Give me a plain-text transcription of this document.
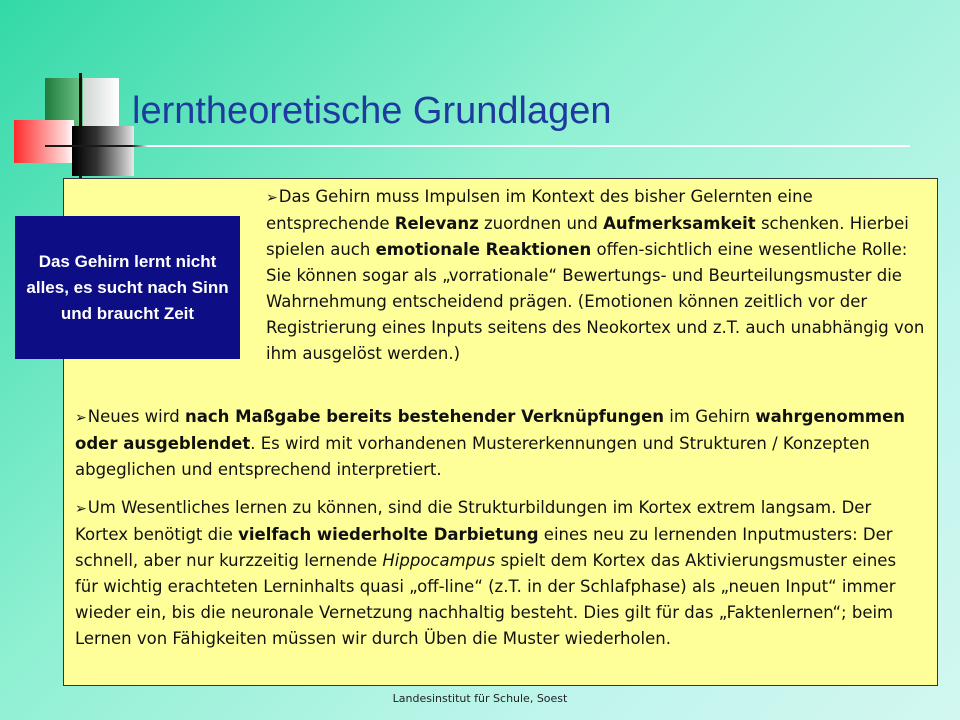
lerntheoretische Grundlagen
Das Gehirn lernt nicht alles, es sucht nach Sinn und braucht Zeit

➢Das Gehirn muss Impulsen im Kontext des bisher Gelernten eine entsprechende Relevanz zuordnen und Aufmerksamkeit schenken. Hierbei spielen auch emotionale Reaktionen offen-sichtlich eine wesentliche Rolle: Sie können sogar als „vorrationale“ Bewertungs- und Beurteilungsmuster die Wahrnehmung entscheidend prägen. (Emotionen können zeitlich vor der Registrierung eines Inputs seitens des Neokortex und z.T. auch unabhängig von ihm ausgelöst werden.)

➢Neues wird nach Maßgabe bereits bestehender Verknüpfungen im Gehirn wahrgenommen oder ausgeblendet. Es wird mit vorhandenen Mustererkennungen und Strukturen / Konzepten abgeglichen und entsprechend interpretiert.

➢Um Wesentliches lernen zu können, sind die Strukturbildungen im Kortex extrem langsam. Der Kortex benötigt die vielfach wiederholte Darbietung eines neu zu lernenden Inputmusters: Der schnell, aber nur kurzzeitig lernende Hippocampus spielt dem Kortex das Aktivierungsmuster eines für wichtig erachteten Lerninhalts quasi „off-line“ (z.T. in der Schlafphase) als „neuen Input“ immer wieder ein, bis die neuronale Vernetzung nachhaltig besteht. Dies gilt für das „Faktenlernen“; beim Lernen von Fähigkeiten müssen wir durch Üben die Muster wiederholen.

Landesinstitut für Schule, Soest
